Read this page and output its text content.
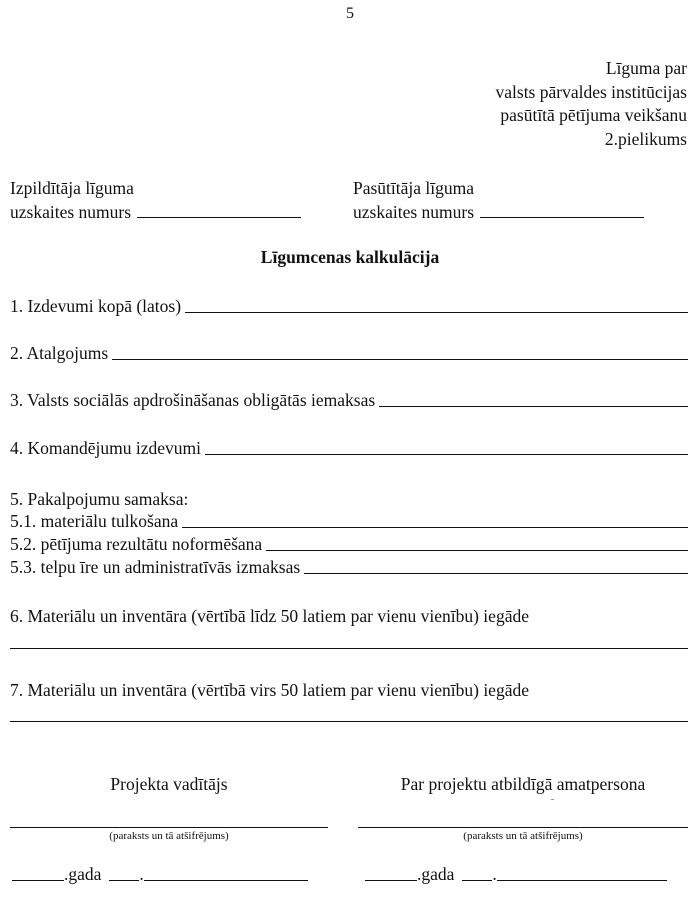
5
Līguma par
valsts pārvaldes institūcijas
pasūtītā pētījuma veikšanu
2.pielikums
Izpildītāja līguma
uzskaites numurs
Pasūtītāja līguma
uzskaites numurs
Līgumcenas kalkulācija
1. Izdevumi kopā (latos)
2. Atalgojums
3. Valsts sociālās apdrošināšanas obligātās iemaksas
4. Komandējumu izdevumi
5. Pakalpojumu samaksa:
5.1. materiālu tulkošana
5.2. pētījuma rezultātu noformēšana
5.3. telpu īre un administratīvās izmaksas
6. Materiālu un inventāra (vērtībā līdz 50 latiem par vienu vienību) iegāde
7. Materiālu un inventāra (vērtībā virs 50 latiem par vienu vienību) iegāde
Projekta vadītājs	Par projektu atbildīgā amatpersona
(paraksts un tā atšifrējums)	(paraksts un tā atšifrējums)
.gada .	.gada .
